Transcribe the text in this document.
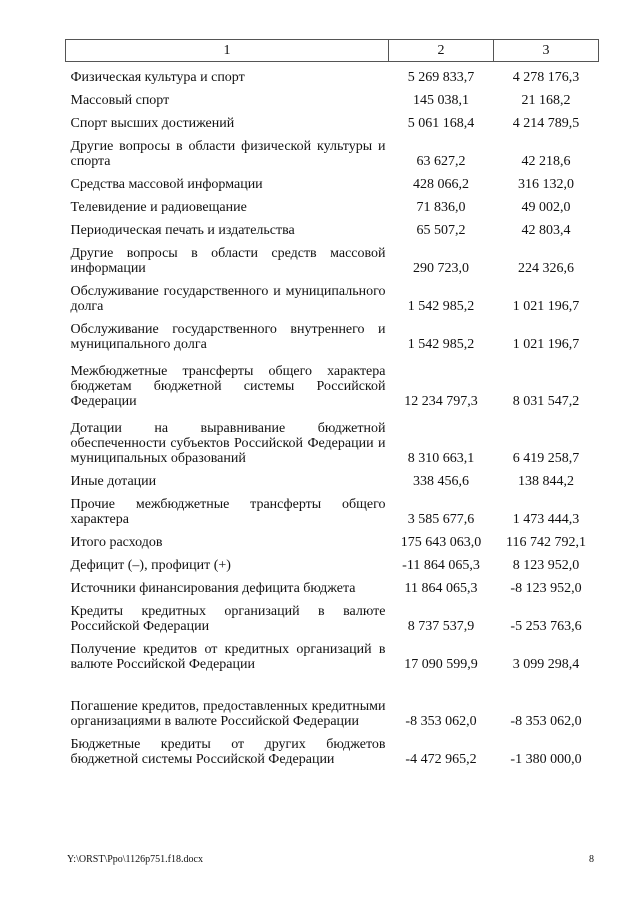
1	2	3
Физическая культура и спорт	5 269 833,7	4 278 176,3
Массовый спорт	145 038,1	21 168,2
Спорт высших достижений	5 061 168,4	4 214 789,5
Другие вопросы в области физической культуры и спорта	63 627,2	42 218,6
Средства массовой информации	428 066,2	316 132,0
Телевидение и радиовещание	71 836,0	49 002,0
Периодическая печать и издательства	65 507,2	42 803,4
Другие вопросы в области средств массовой информации	290 723,0	224 326,6
Обслуживание государственного и муниципального долга	1 542 985,2	1 021 196,7
Обслуживание государственного внутреннего и муниципального долга	1 542 985,2	1 021 196,7
Межбюджетные трансферты общего характера бюджетам бюджетной системы Российской Федерации	12 234 797,3	8 031 547,2
Дотации на выравнивание бюджетной обеспеченности субъектов Российской Федерации и муниципальных образований	8 310 663,1	6 419 258,7
Иные дотации	338 456,6	138 844,2
Прочие межбюджетные трансферты общего характера	3 585 677,6	1 473 444,3
Итого расходов	175 643 063,0	116 742 792,1
Дефицит (–), профицит (+)	-11 864 065,3	8 123 952,0
Источники финансирования дефицита бюджета	11 864 065,3	-8 123 952,0
Кредиты кредитных организаций в валюте Российской Федерации	8 737 537,9	-5 253 763,6
Получение кредитов от кредитных организаций в валюте Российской Федерации	17 090 599,9	3 099 298,4
Погашение кредитов, предоставленных кредитными организациями в валюте Российской Федерации	-8 353 062,0	-8 353 062,0
Бюджетные кредиты от других бюджетов бюджетной системы Российской Федерации	-4 472 965,2	-1 380 000,0
Y:\ORST\Ppo\1126p751.f18.docx	8
